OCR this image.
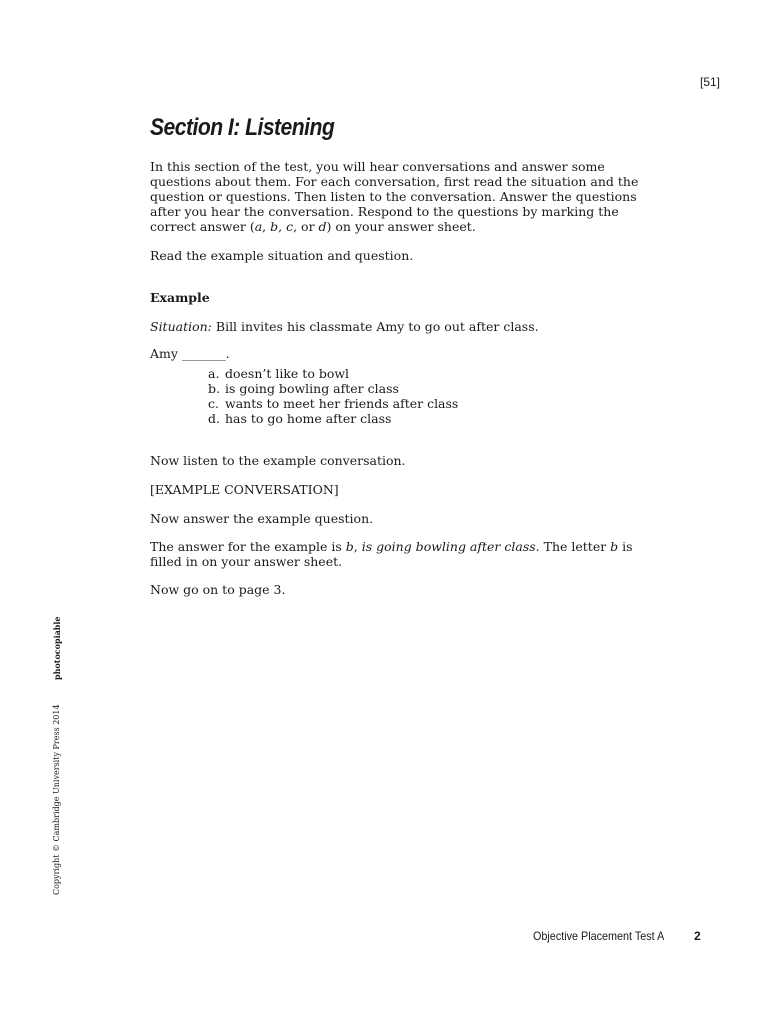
[51]
Section I: Listening
In this section of the test, you will hear conversations and answer some
questions about them. For each conversation, first read the situation and the
question or questions. Then listen to the conversation. Answer the questions
after you hear the conversation. Respond to the questions by marking the
correct answer (a, b, c, or d) on your answer sheet.

Read the example situation and question.

Example

Situation: Bill invites his classmate Amy to go out after class.

Amy _______.

a. doesn’t like to bowl
b. is going bowling after class
c. wants to meet her friends after class
d. has to go home after class

Now listen to the example conversation.

[EXAMPLE CONVERSATION]

Now answer the example question.

The answer for the example is b, is going bowling after class. The letter b is
filled in on your answer sheet.

Now go on to page 3.

Copyright © Cambridge University Press 2014
photocopiable
Objective Placement Test A 2
